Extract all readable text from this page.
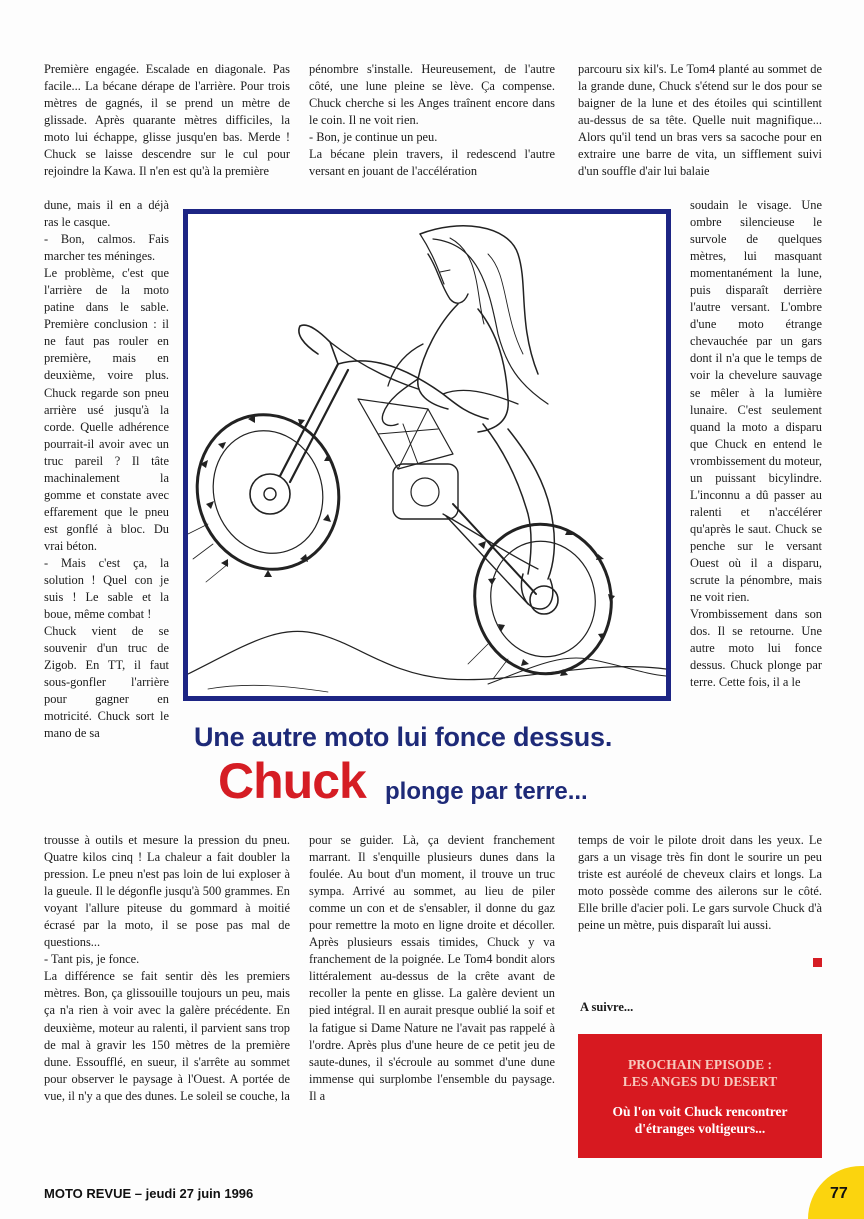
Première engagée. Escalade en diagonale. Pas facile... La bécane dérape de l'arrière. Pour trois mètres de gagnés, il se prend un mètre de glissade. Après quarante mètres difficiles, la moto lui échappe, glisse jusqu'en bas. Merde ! Chuck se laisse descendre sur le cul pour rejoindre la Kawa. Il n'en est qu'à la première

dune, mais il en a déjà ras le casque.
- Bon, calmos. Fais marcher tes méninges.
Le problème, c'est que l'arrière de la moto patine dans le sable. Première conclusion : il ne faut pas rouler en première, mais en deuxième, voire plus. Chuck regarde son pneu arrière usé jusqu'à la corde. Quelle adhérence pourrait-il avoir avec un truc pareil ? Il tâte machinalement la gomme et constate avec effarement que le pneu est gonflé à bloc. Du vrai béton.
- Mais c'est ça, la solution ! Quel con je suis ! Le sable et la boue, même combat !
Chuck vient de se souvenir d'un truc de Zigob. En TT, il faut sous-gonfler l'arrière pour gagner en motricité. Chuck sort le mano de sa
trousse à outils et mesure la pression du pneu. Quatre kilos cinq ! La chaleur a fait doubler la pression. Le pneu n'est pas loin de lui exploser à la gueule. Il le dégonfle jusqu'à 500 grammes. En voyant l'allure piteuse du gommard à moitié écrasé par la moto, il se pose pas mal de questions...
- Tant pis, je fonce.
La différence se fait sentir dès les premiers mètres. Bon, ça glissouille toujours un peu, mais ça n'a rien à voir avec la galère précédente. En deuxième, moteur au ralenti, il parvient sans trop de mal à gravir les 150 mètres de la première dune. Essoufflé, en sueur, il s'arrête au sommet pour observer le paysage à l'Ouest. A portée de vue, il n'y a que des dunes. Le soleil se couche, la
pénombre s'installe. Heureusement, de l'autre côté, une lune pleine se lève. Ça compense. Chuck cherche si les Anges traînent encore dans le coin. Il ne voit rien.
- Bon, je continue un peu.
La bécane plein travers, il redescend l'autre versant en jouant de l'accélération

pour se guider. Là, ça devient franchement marrant. Il s'enquille plusieurs dunes dans la foulée. Au bout d'un moment, il trouve un truc sympa. Arrivé au sommet, au lieu de piler comme un con et de s'ensabler, il donne du gaz pour remettre la moto en ligne droite et décoller. Après plusieurs essais timides, Chuck y va franchement de la poignée. Le Tom4 bondit alors littéralement au-dessus de la crête avant de recoller la pente en glisse. La galère devient un pied intégral. Il en aurait presque oublié la soif et la fatigue si Dame Nature ne l'avait pas rappelé à l'ordre. Après plus d'une heure de ce petit jeu de saute-dunes, il s'écroule au sommet d'une dune immense qui surplombe l'ensemble du paysage. Il a

parcouru six kil's. Le Tom4 planté au sommet de la grande dune, Chuck s'étend sur le dos pour se baigner de la lune et des étoiles qui scintillent au-dessus de sa tête. Quelle nuit magnifique... Alors qu'il tend un bras vers sa sacoche pour en extraire une barre de vita, un sifflement suivi d'un souffle d'air lui balaie

soudain le visage. Une ombre silencieuse le survole de quelques mètres, lui masquant momentanément la lune, puis disparaît derrière l'autre versant. L'ombre d'une moto étrange chevauchée par un gars dont il n'a que le temps de voir la chevelure sauvage se mêler à la lumière lunaire. C'est seulement quand la moto a disparu que Chuck en entend le vrombissement du moteur, un puissant bicylindre. L'inconnu a dû passer au ralenti et n'accélérer qu'après le saut. Chuck se penche sur le versant Ouest où il a disparu, scrute la pénombre, mais ne voit rien.
Vrombissement dans son dos. Il se retourne. Une autre moto lui fonce dessus. Chuck plonge par terre. Cette fois, il a le

temps de voir le pilote droit dans les yeux. Le gars a un visage très fin dont le sourire un peu triste est auréolé de cheveux clairs et longs. La moto possède comme des ailerons sur le côté. Elle brille d'acier poli. Le gars survole Chuck d'à peine un mètre, puis disparaît lui aussi.

Une autre moto lui fonce dessus.
Chuck plonge par terre...
A suivre...
PROCHAIN EPISODE :
LES ANGES DU DESERT
Où l'on voit Chuck rencontrer
d'étranges voltigeurs...
MOTO REVUE – jeudi 27 juin 1996	77
